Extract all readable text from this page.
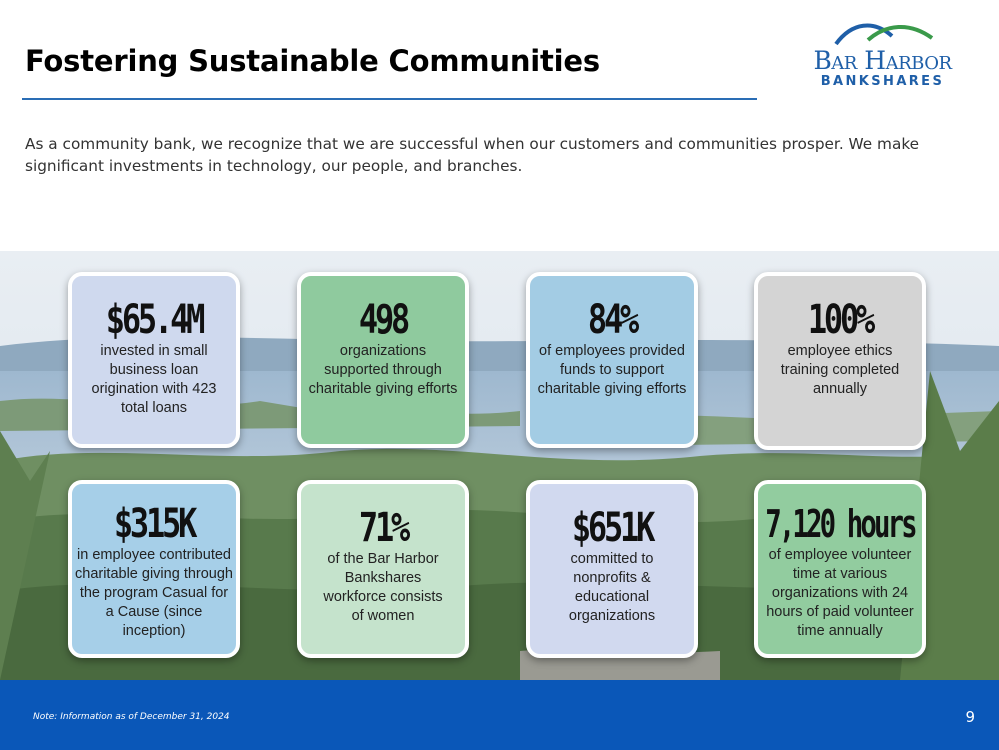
Fostering Sustainable Communities	Bar Harbor
BANKSHARES
As a community bank, we recognize that we are successful when our customers and communities prosper. We make significant investments in technology, our people, and branches.
$65.4M
invested in small business loan origination with 423 total loans
498
organizations supported through charitable giving efforts
84%
of employees provided funds to support charitable giving efforts
100%
employee ethics training completed annually
$315K
in employee contributed charitable giving through the program Casual for a Cause (since inception)
71%
of the Bar Harbor Bankshares workforce consists of women
$651K
committed to nonprofits & educational organizations
7,120 hours
of employee volunteer time at various organizations with 24 hours of paid volunteer time annually
Note: Information as of December 31, 2024	9
